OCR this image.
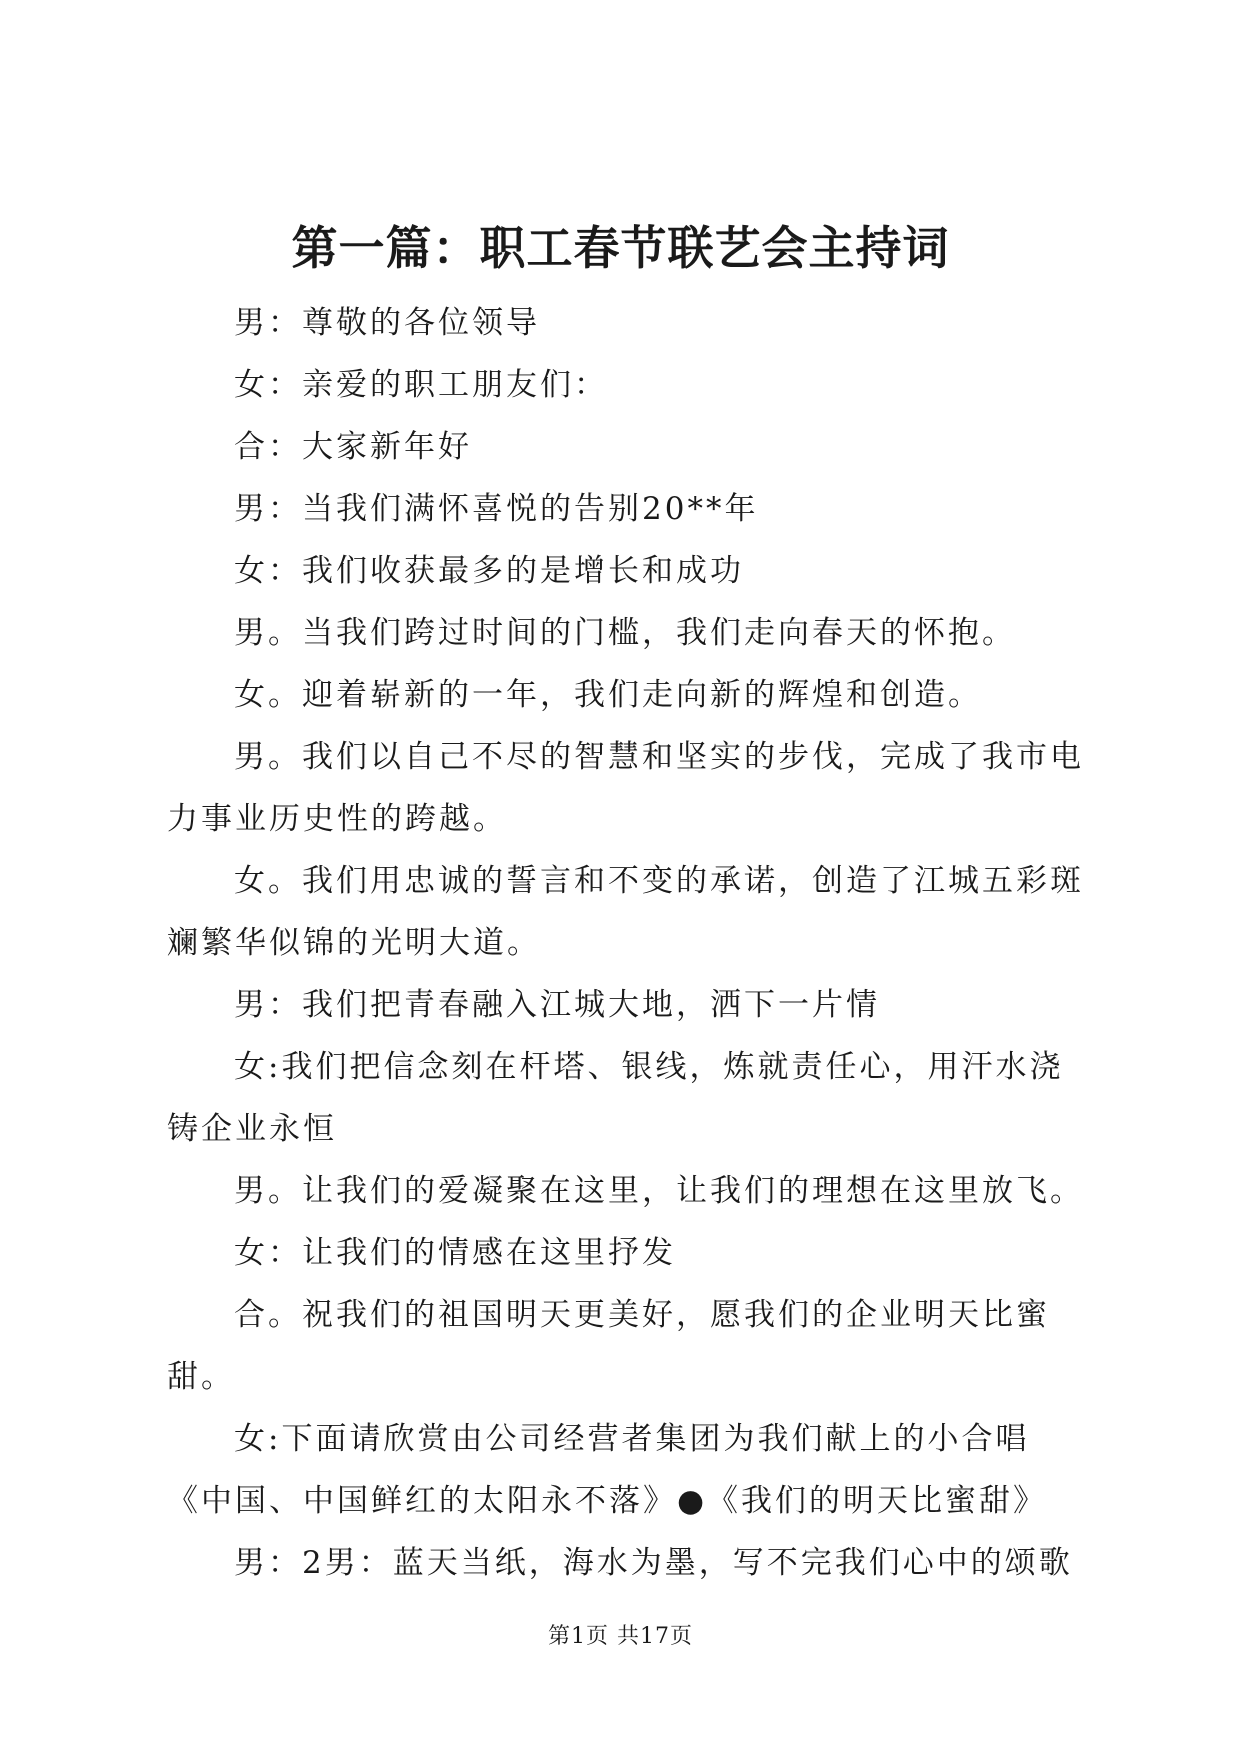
第一篇：职工春节联艺会主持词

男：尊敬的各位领导

女：亲爱的职工朋友们：

合：大家新年好

男：当我们满怀喜悦的告别20**年

女：我们收获最多的是增长和成功

男。当我们跨过时间的门槛，我们走向春天的怀抱。

女。迎着崭新的一年，我们走向新的辉煌和创造。

男。我们以自己不尽的智慧和坚实的步伐，完成了我市电力事业历史性的跨越。

女。我们用忠诚的誓言和不变的承诺，创造了江城五彩斑斓繁华似锦的光明大道。

男：我们把青春融入江城大地，洒下一片情

女:我们把信念刻在杆塔、银线，炼就责任心，用汗水浇铸企业永恒

男。让我们的爱凝聚在这里，让我们的理想在这里放飞。

女：让我们的情感在这里抒发

合。祝我们的祖国明天更美好，愿我们的企业明天比蜜甜。

女:下面请欣赏由公司经营者集团为我们献上的小合唱《中国、中国鲜红的太阳永不落》●《我们的明天比蜜甜》

男：2男：蓝天当纸，海水为墨，写不完我们心中的颂歌

第1页 共17页
